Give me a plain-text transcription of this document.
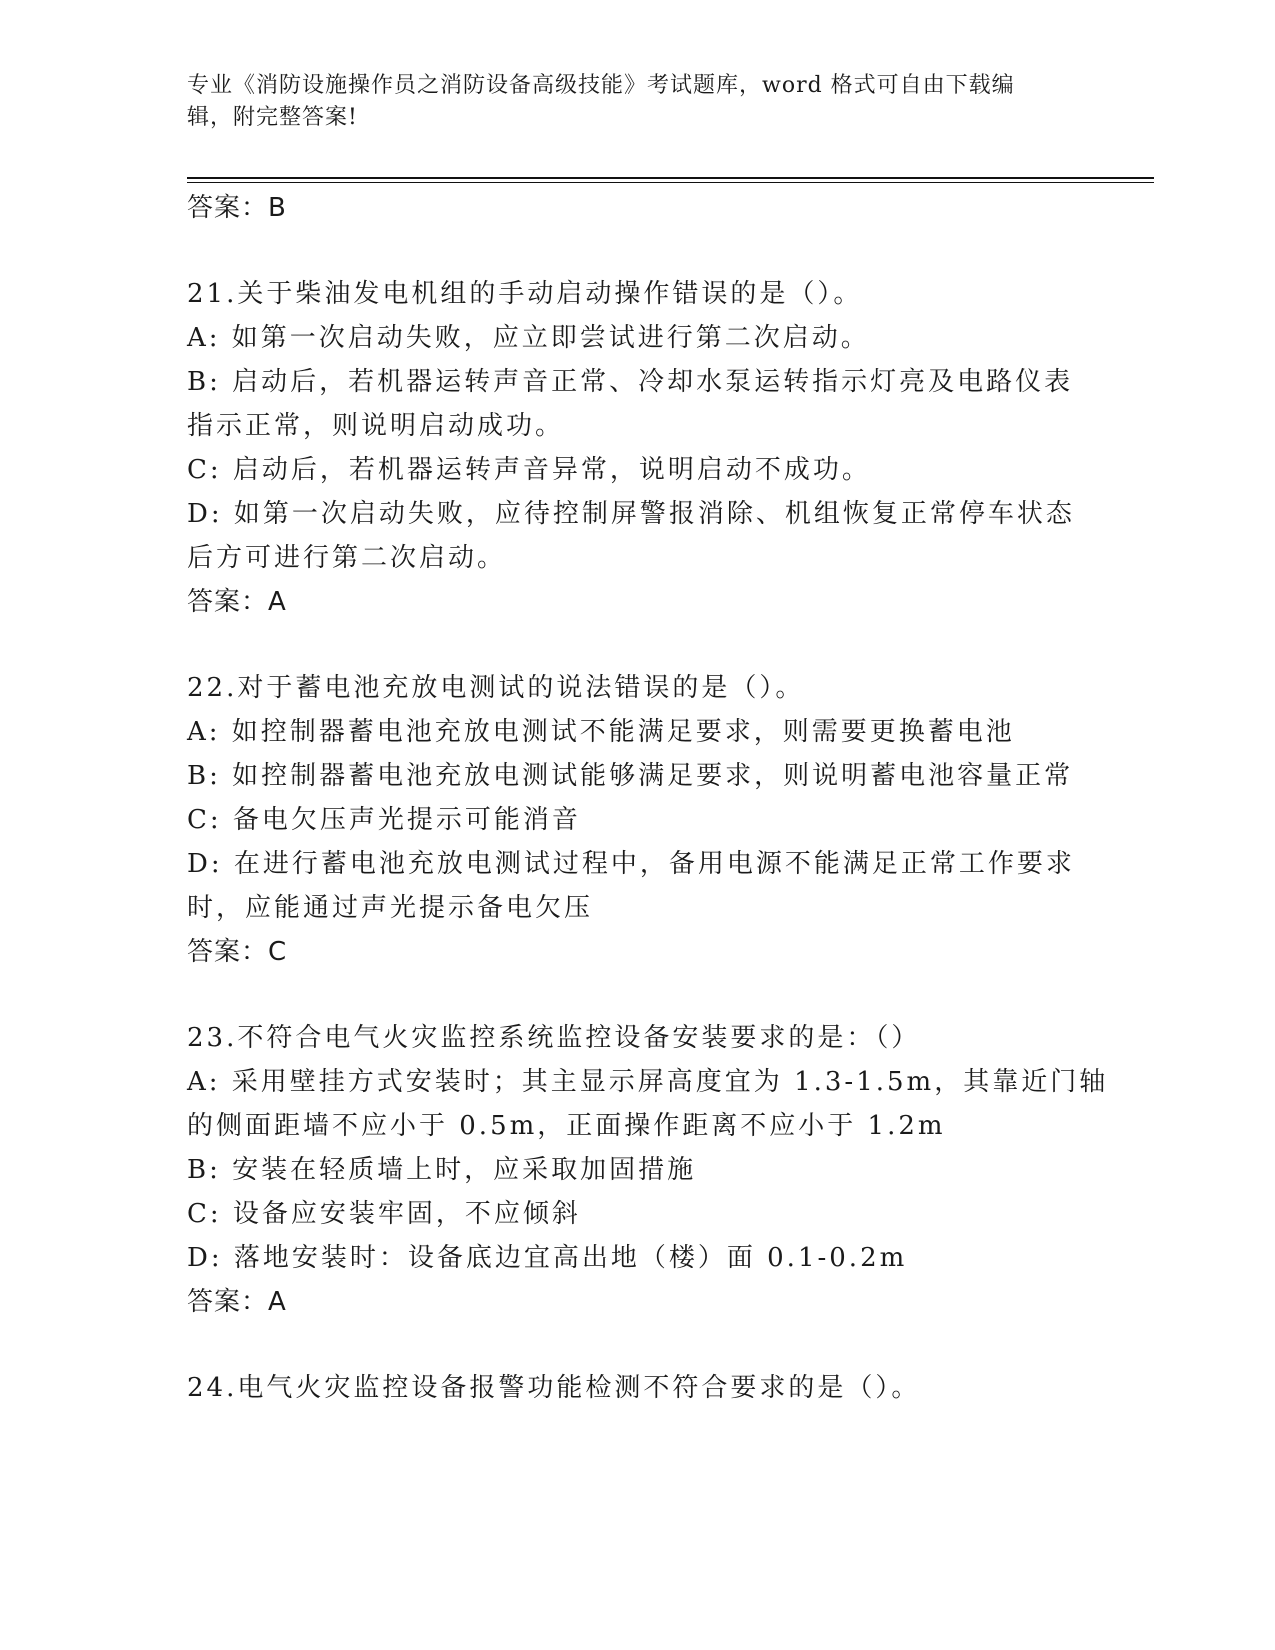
专业《消防设施操作员之消防设备高级技能》考试题库，word 格式可自由下载编
辑，附完整答案!
答案：B
21.关于柴油发电机组的手动启动操作错误的是（）。
A: 如第一次启动失败，应立即尝试进行第二次启动。
B: 启动后，若机器运转声音正常、冷却水泵运转指示灯亮及电路仪表
指示正常，则说明启动成功。
C: 启动后，若机器运转声音异常，说明启动不成功。
D: 如第一次启动失败，应待控制屏警报消除、机组恢复正常停车状态
后方可进行第二次启动。
答案：A
22.对于蓄电池充放电测试的说法错误的是（）。
A: 如控制器蓄电池充放电测试不能满足要求，则需要更换蓄电池
B: 如控制器蓄电池充放电测试能够满足要求，则说明蓄电池容量正常
C: 备电欠压声光提示可能消音
D: 在进行蓄电池充放电测试过程中，备用电源不能满足正常工作要求
时，应能通过声光提示备电欠压
答案：C
23.不符合电气火灾监控系统监控设备安装要求的是：（）
A: 采用壁挂方式安装时；其主显示屏高度宜为 1.3-1.5m，其靠近门轴
的侧面距墙不应小于 0.5m，正面操作距离不应小于 1.2m
B: 安装在轻质墙上时，应采取加固措施
C: 设备应安装牢固，不应倾斜
D: 落地安装时：设备底边宜高出地（楼）面 0.1-0.2m
答案：A
24.电气火灾监控设备报警功能检测不符合要求的是（）。
